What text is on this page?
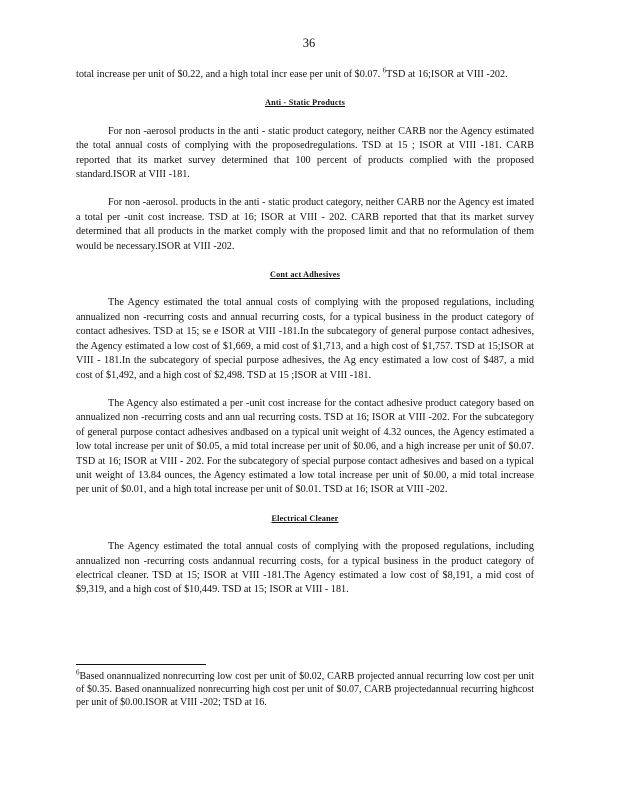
36

total increase per unit of $0.22, and a high total incr ease per unit of $0.07. $^6$TSD at 16;ISOR at VIII -202.

Anti - Static Products

For non -aerosol products in the anti - static product category, neither CARB nor the Agency estimated the total annual costs of complying with the proposedregulations. TSD at 15 ; ISOR at VIII -181. CARB reported that its market survey determined that 100 percent of products complied with the proposed standard.ISOR at VIII -181.

For non -aerosol. products in the anti - static product category, neither CARB nor the Agency est imated a total per -unit cost increase. TSD at 16; ISOR at VIII - 202. CARB reported that that its market survey determined that all products in the market comply with the proposed limit and that no reformulation of them would be necessary.ISOR at VIII -202.

Cont act Adhesives

The Agency estimated the total annual costs of complying with the proposed regulations, including annualized non -recurring costs and annual recurring costs, for a typical business in the product category of contact adhesives. TSD at 15; se e ISOR at VIII -181.In the subcategory of general purpose contact adhesives, the Agency estimated a low cost of $1,669, a mid cost of $1,713, and a high cost of $1,757. TSD at 15;ISOR at VIII - 181.In the subcategory of special purpose adhesives, the Ag ency estimated a low cost of $487, a mid cost of $1,492, and a high cost of $2,498. TSD at 15 ;ISOR at VIII -181.

The Agency also estimated a per -unit cost increase for the contact adhesive product category based on annualized non -recurring costs and ann ual recurring costs. TSD at 16; ISOR at VIII -202. For the subcategory of general purpose contact adhesives andbased on a typical unit weight of 4.32 ounces, the Agency estimated a low total increase per unit of $0.05, a mid total increase per unit of $0.06, and a high increase per unit of $0.07. TSD at 16; ISOR at VIII - 202. For the subcategory of special purpose contact adhesives and based on a typical unit weight of 13.84 ounces, the Agency estimated a low total increase per unit of $0.00, a mid total increase per unit of $0.01, and a high total increase per unit of $0.01. TSD at 16; ISOR at VIII -202.

Electrical Cleaner

The Agency estimated the total annual costs of complying with the proposed regulations, including annualized non -recurring costs andannual recurring costs, for a typical business in the product category of electrical cleaner. TSD at 15; ISOR at VIII -181.The Agency estimated a low cost of $8,191, a mid cost of $9,319, and a high cost of $10,449. TSD at 15; ISOR at VIII - 181.

$^6$Based onannualized nonrecurring low cost per unit of $0.02, CARB projected annual recurring low cost per unit of $0.35. Based onannualized nonrecurring high cost per unit of $0.07, CARB projectedannual recurring highcost per unit of $0.00.ISOR at VIII -202; TSD at 16.
